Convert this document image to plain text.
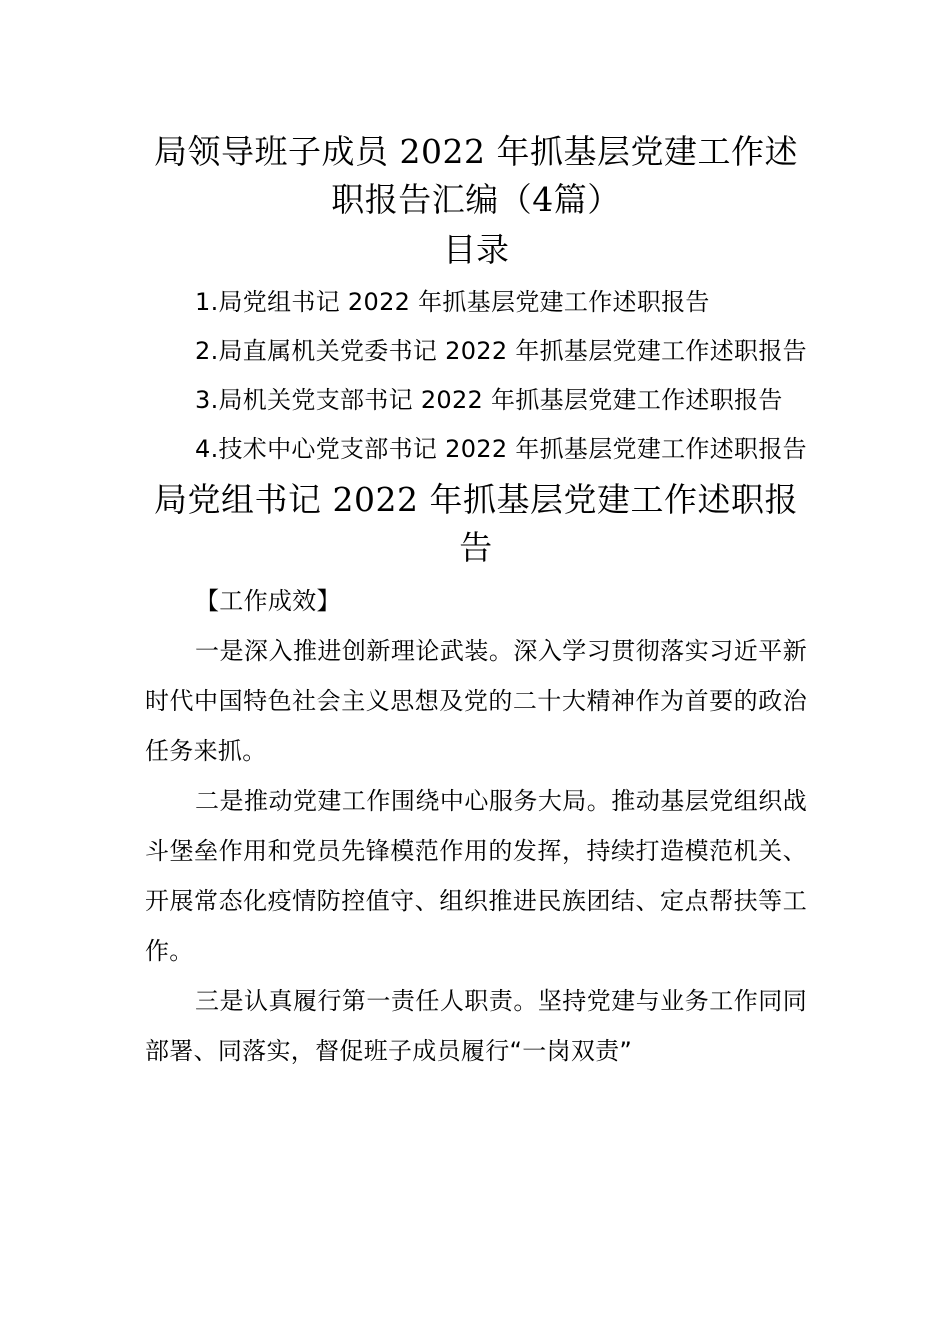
局领导班子成员 2022 年抓基层党建工作述职报告汇编（4篇）
目录

1.局党组书记 2022 年抓基层党建工作述职报告

2.局直属机关党委书记 2022 年抓基层党建工作述职报告

3.局机关党支部书记 2022 年抓基层党建工作述职报告

4.技术中心党支部书记 2022 年抓基层党建工作述职报告

局党组书记 2022 年抓基层党建工作述职报告

【工作成效】

一是深入推进创新理论武装。深入学习贯彻落实习近平新时代中国特色社会主义思想及党的二十大精神作为首要的政治任务来抓。

二是推动党建工作围绕中心服务大局。推动基层党组织战斗堡垒作用和党员先锋模范作用的发挥，持续打造模范机关、开展常态化疫情防控值守、组织推进民族团结、定点帮扶等工作。

三是认真履行第一责任人职责。坚持党建与业务工作同同部署、同落实，督促班子成员履行“一岗双责”
